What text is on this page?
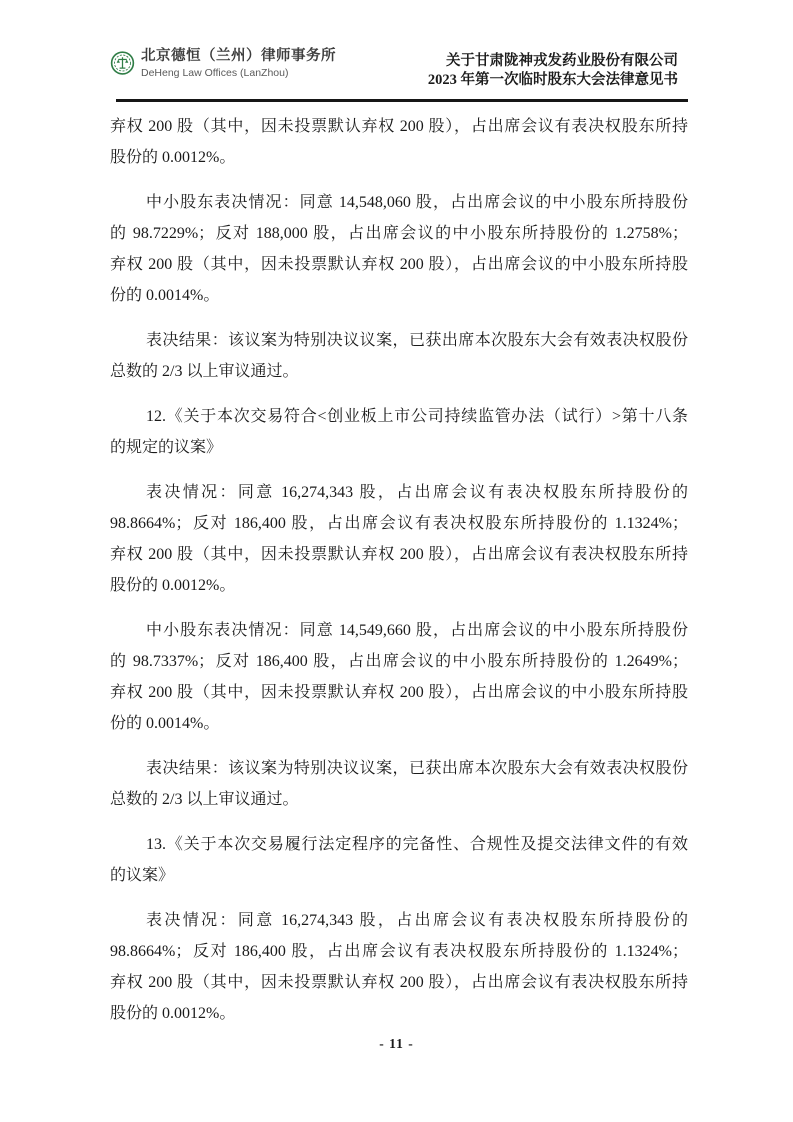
北京德恒（兰州）律师事务所
DeHeng Law Offices (LanZhou)
关于甘肃陇神戎发药业股份有限公司
2023 年第一次临时股东大会法律意见书
弃权 200 股（其中，因未投票默认弃权 200 股），占出席会议有表决权股东所持
股份的 0.0012%。
中小股东表决情况：同意 14,548,060 股，占出席会议的中小股东所持股份
的 98.7229%；反对 188,000 股，占出席会议的中小股东所持股份的 1.2758%；
弃权 200 股（其中，因未投票默认弃权 200 股），占出席会议的中小股东所持股
份的 0.0014%。
表决结果：该议案为特别决议议案，已获出席本次股东大会有效表决权股份
总数的 2/3 以上审议通过。
12.《关于本次交易符合<创业板上市公司持续监管办法（试行）>第十八条
的规定的议案》
表决情况：同意 16,274,343 股，占出席会议有表决权股东所持股份的
98.8664%；反对 186,400 股，占出席会议有表决权股东所持股份的 1.1324%；
弃权 200 股（其中，因未投票默认弃权 200 股），占出席会议有表决权股东所持
股份的 0.0012%。
中小股东表决情况：同意 14,549,660 股，占出席会议的中小股东所持股份
的 98.7337%；反对 186,400 股，占出席会议的中小股东所持股份的 1.2649%；
弃权 200 股（其中，因未投票默认弃权 200 股），占出席会议的中小股东所持股
份的 0.0014%。
表决结果：该议案为特别决议议案，已获出席本次股东大会有效表决权股份
总数的 2/3 以上审议通过。
13.《关于本次交易履行法定程序的完备性、合规性及提交法律文件的有效
的议案》
表决情况：同意 16,274,343 股，占出席会议有表决权股东所持股份的
98.8664%；反对 186,400 股，占出席会议有表决权股东所持股份的 1.1324%；
弃权 200 股（其中，因未投票默认弃权 200 股），占出席会议有表决权股东所持
股份的 0.0012%。
- 11 -
